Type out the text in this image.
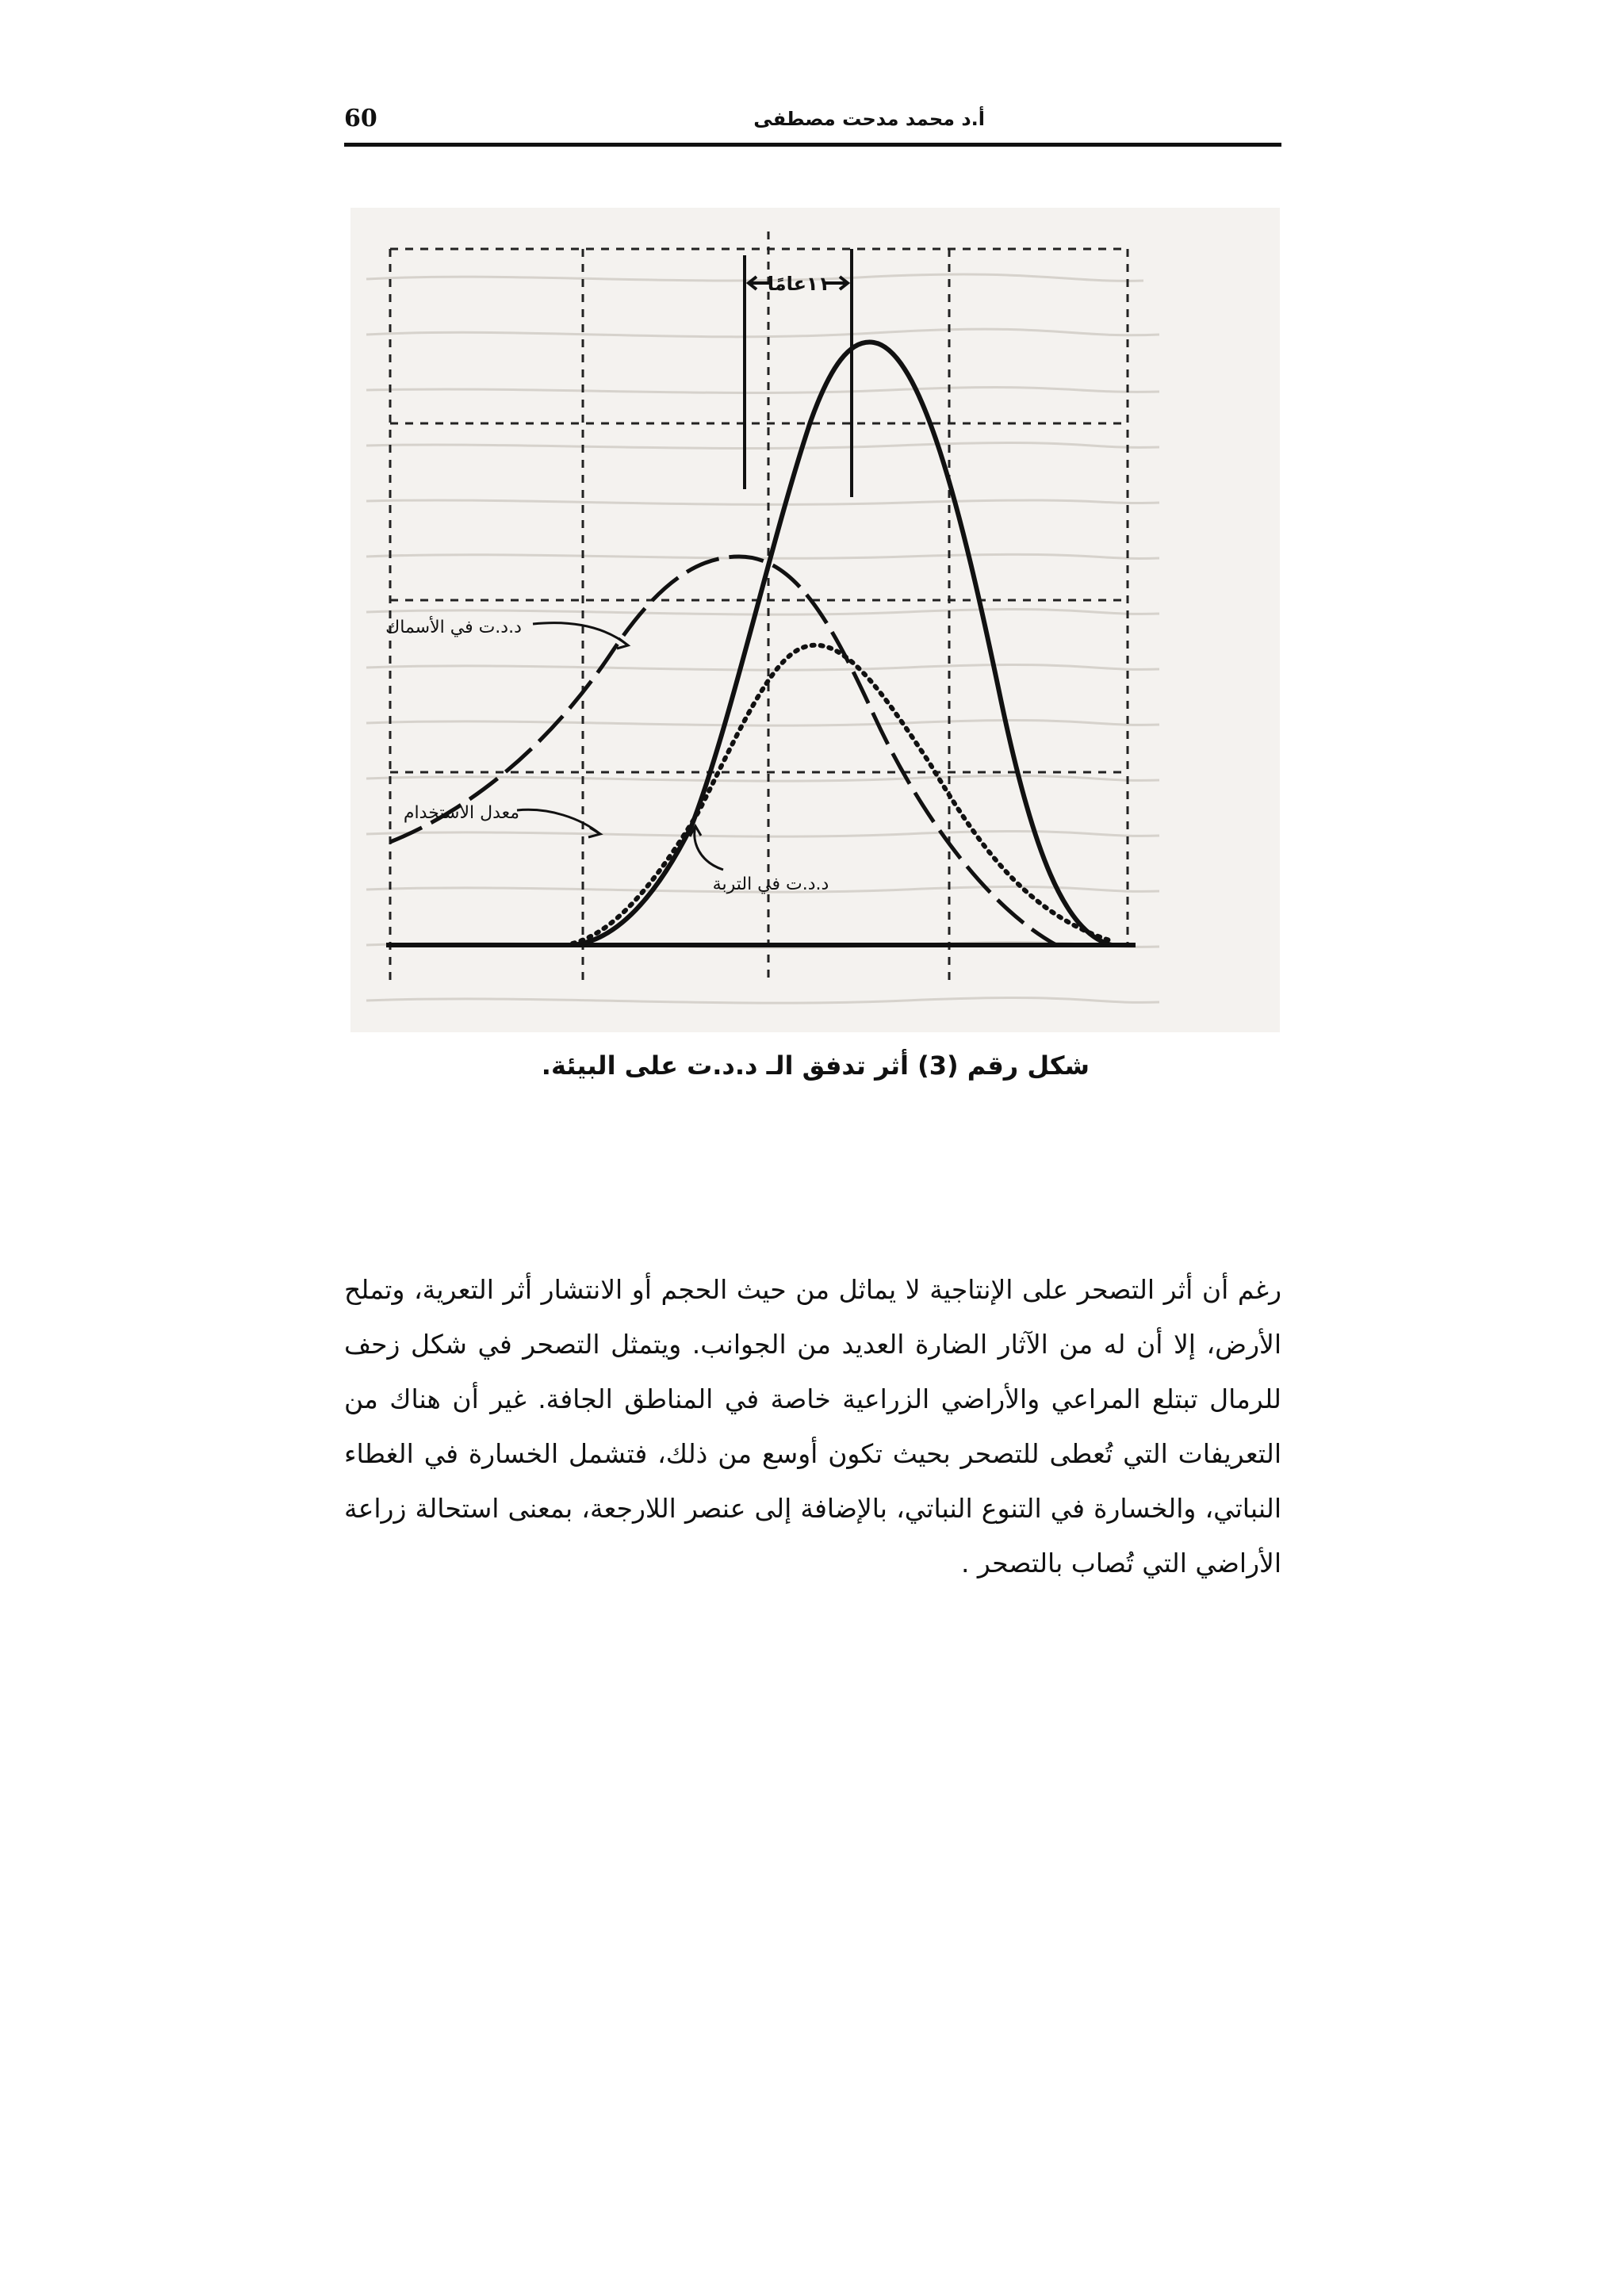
60	أ.د محمد مدحت مصطفى
١١عامًا
د.د.ت في الأسماك
معدل الاستخدام
د.د.ت في التربة
شكل رقم (3) أثر تدفق الـ د.د.ت على البيئة.

رغم أن أثر التصحر على الإنتاجية لا يماثل من حيث الحجم أو الانتشار أثر التعرية، وتملح الأرض، إلا أن له من الآثار الضارة العديد من الجوانب. ويتمثل التصحر في شكل زحف للرمال تبتلع المراعي والأراضي الزراعية خاصة في المناطق الجافة. غير أن هناك من التعريفات التي تُعطى للتصحر بحيث تكون أوسع من ذلك، فتشمل الخسارة في الغطاء النباتي، والخسارة في التنوع النباتي، بالإضافة إلى عنصر اللارجعة، بمعنى استحالة زراعة الأراضي التي تُصاب بالتصحر .
